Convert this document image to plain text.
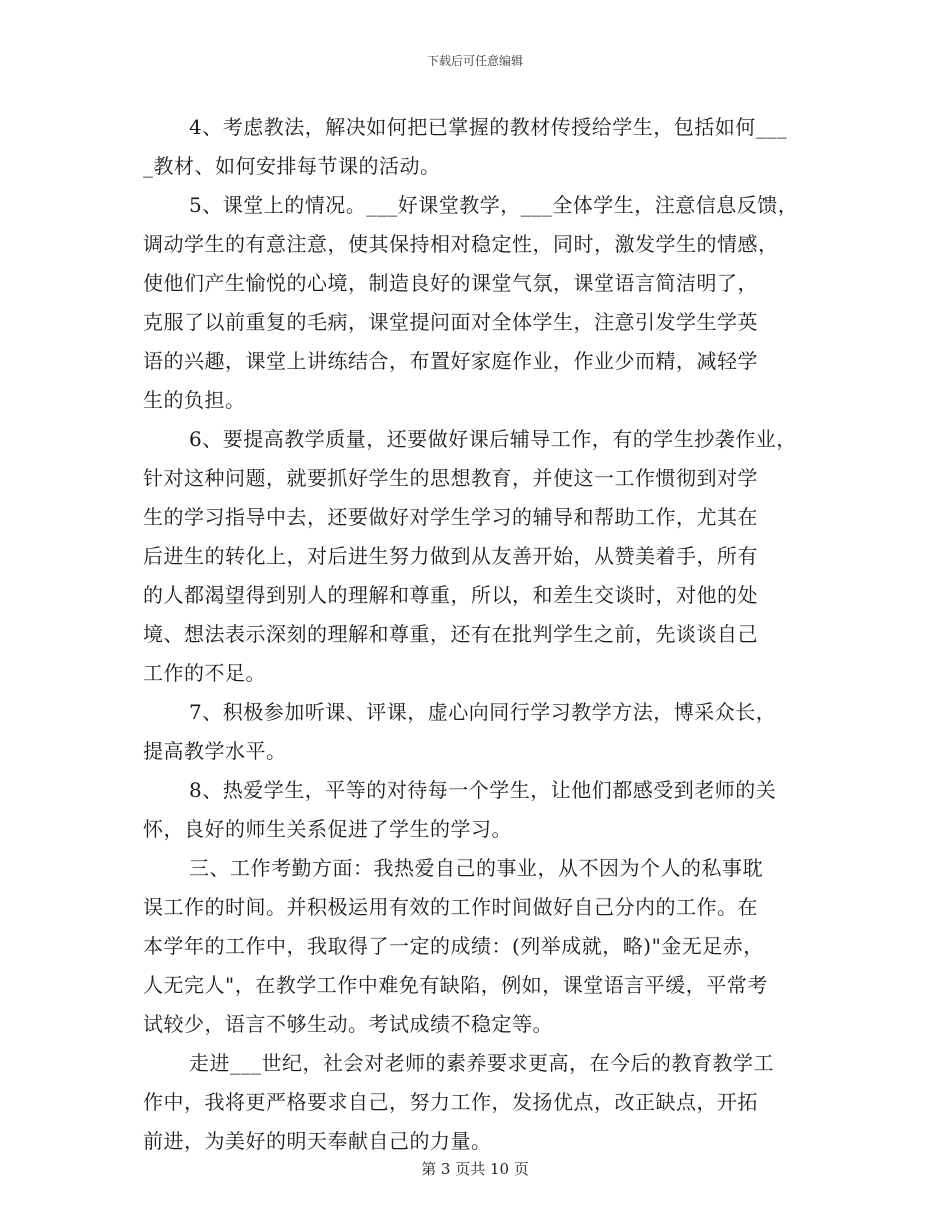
下载后可任意编辑
4、考虑教法，解决如何把已掌握的教材传授给学生，包括如何___
_教材、如何安排每节课的活动。
5、课堂上的情况。___好课堂教学，___全体学生，注意信息反馈，
调动学生的有意注意，使其保持相对稳定性，同时，激发学生的情感，
使他们产生愉悦的心境，制造良好的课堂气氛，课堂语言简洁明了，
克服了以前重复的毛病，课堂提问面对全体学生，注意引发学生学英
语的兴趣，课堂上讲练结合，布置好家庭作业，作业少而精，减轻学
生的负担。
6、要提高教学质量，还要做好课后辅导工作，有的学生抄袭作业，
针对这种问题，就要抓好学生的思想教育，并使这一工作惯彻到对学
生的学习指导中去，还要做好对学生学习的辅导和帮助工作，尤其在
后进生的转化上，对后进生努力做到从友善开始，从赞美着手，所有
的人都渴望得到别人的理解和尊重，所以，和差生交谈时，对他的处
境、想法表示深刻的理解和尊重，还有在批判学生之前，先谈谈自己
工作的不足。
7、积极参加听课、评课，虚心向同行学习教学方法，博采众长，
提高教学水平。
8、热爱学生，平等的对待每一个学生，让他们都感受到老师的关
怀，良好的师生关系促进了学生的学习。
三、工作考勤方面：我热爱自己的事业，从不因为个人的私事耽
误工作的时间。并积极运用有效的工作时间做好自己分内的工作。在
本学年的工作中，我取得了一定的成绩：(列举成就，略)"金无足赤，
人无完人"，在教学工作中难免有缺陷，例如，课堂语言平缓，平常考
试较少，语言不够生动。考试成绩不稳定等。
走进___世纪，社会对老师的素养要求更高，在今后的教育教学工
作中，我将更严格要求自己，努力工作，发扬优点，改正缺点，开拓
前进，为美好的明天奉献自己的力量。
第 3 页共 10 页
